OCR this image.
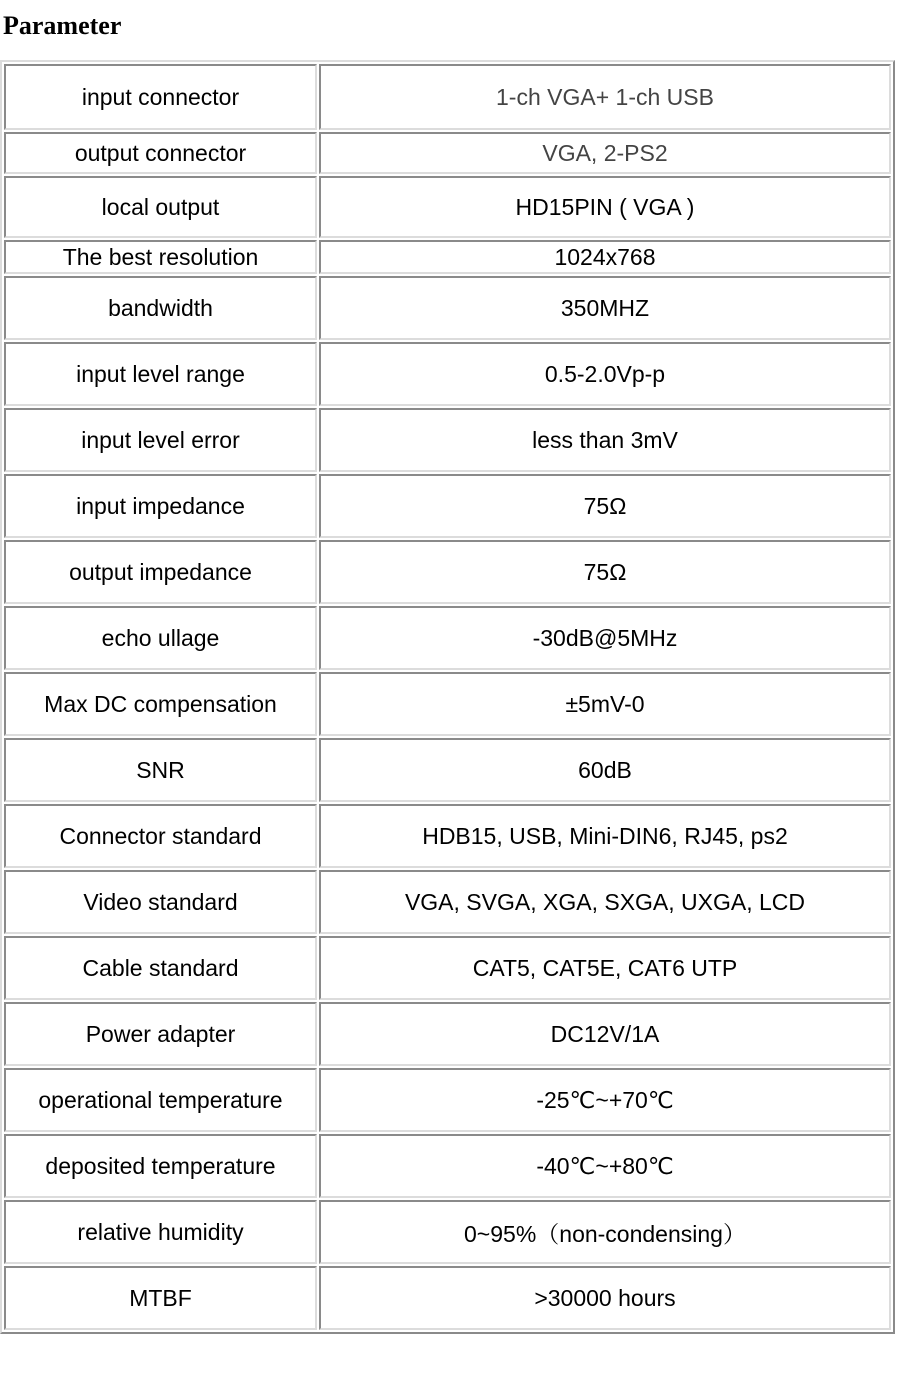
Parameter
input connector	1-ch VGA+ 1-ch USB
output connector	VGA, 2-PS2
local output	HD15PIN ( VGA )
The best resolution	1024x768
bandwidth	350MHZ
input level range	0.5-2.0Vp-p
input level error	less than 3mV
input impedance	75Ω
output impedance	75Ω
echo ullage	-30dB@5MHz
Max DC compensation	±5mV-0
SNR	60dB
Connector standard	HDB15, USB, Mini-DIN6, RJ45, ps2
Video standard	VGA, SVGA, XGA, SXGA, UXGA, LCD
Cable standard	CAT5, CAT5E, CAT6 UTP
Power adapter	DC12V/1A
operational temperature	-25℃~+70℃
deposited temperature	-40℃~+80℃
relative humidity	0~95%（non-condensing）
MTBF	>30000 hours
